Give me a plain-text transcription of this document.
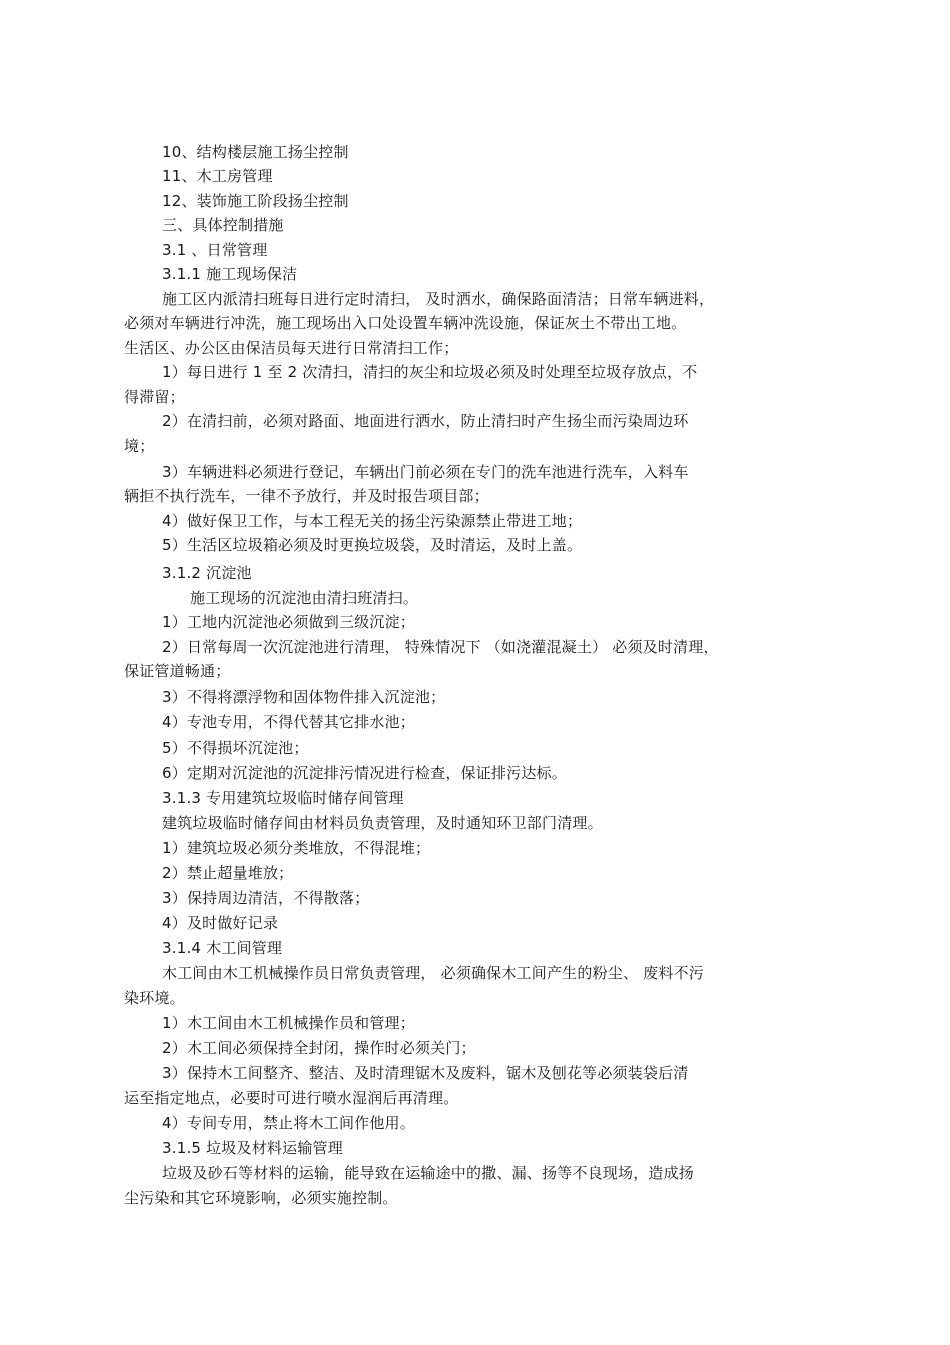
10、结构楼层施工扬尘控制
11、木工房管理
12、装饰施工阶段扬尘控制
三、具体控制措施
3.1 、日常管理
3.1.1 施工现场保洁
施工区内派清扫班每日进行定时清扫， 及时洒水，确保路面清洁；日常车辆进料，
必须对车辆进行冲洗，施工现场出入口处设置车辆冲洗设施，保证灰土不带出工地。
生活区、办公区由保洁员每天进行日常清扫工作；
1）每日进行 1 至 2 次清扫，清扫的灰尘和垃圾必须及时处理至垃圾存放点，不
得滞留；
2）在清扫前，必须对路面、地面进行洒水，防止清扫时产生扬尘而污染周边环
境；
3）车辆进料必须进行登记，车辆出门前必须在专门的洗车池进行洗车，入料车
辆拒不执行洗车，一律不予放行，并及时报告项目部；
4）做好保卫工作，与本工程无关的扬尘污染源禁止带进工地；
5）生活区垃圾箱必须及时更换垃圾袋，及时清运，及时上盖。
3.1.2 沉淀池
施工现场的沉淀池由清扫班清扫。
1）工地内沉淀池必须做到三级沉淀；
2）日常每周一次沉淀池进行清理， 特殊情况下 （如浇灌混凝土） 必须及时清理，
保证管道畅通；
3）不得将漂浮物和固体物件排入沉淀池；
4）专池专用，不得代替其它排水池；
5）不得损坏沉淀池；
6）定期对沉淀池的沉淀排污情况进行检查，保证排污达标。
3.1.3 专用建筑垃圾临时储存间管理
建筑垃圾临时储存间由材料员负责管理，及时通知环卫部门清理。
1）建筑垃圾必须分类堆放，不得混堆；
2）禁止超量堆放；
3）保持周边清洁，不得散落；
4）及时做好记录
3.1.4 木工间管理
木工间由木工机械操作员日常负责管理， 必须确保木工间产生的粉尘、 废料不污
染环境。
1）木工间由木工机械操作员和管理；
2）木工间必须保持全封闭，操作时必须关门；
3）保持木工间整齐、整洁、及时清理锯木及废料，锯木及刨花等必须装袋后清
运至指定地点，必要时可进行喷水湿润后再清理。
4）专间专用，禁止将木工间作他用。
3.1.5 垃圾及材料运输管理
垃圾及砂石等材料的运输，能导致在运输途中的撒、漏、扬等不良现场，造成扬
尘污染和其它环境影响，必须实施控制。
